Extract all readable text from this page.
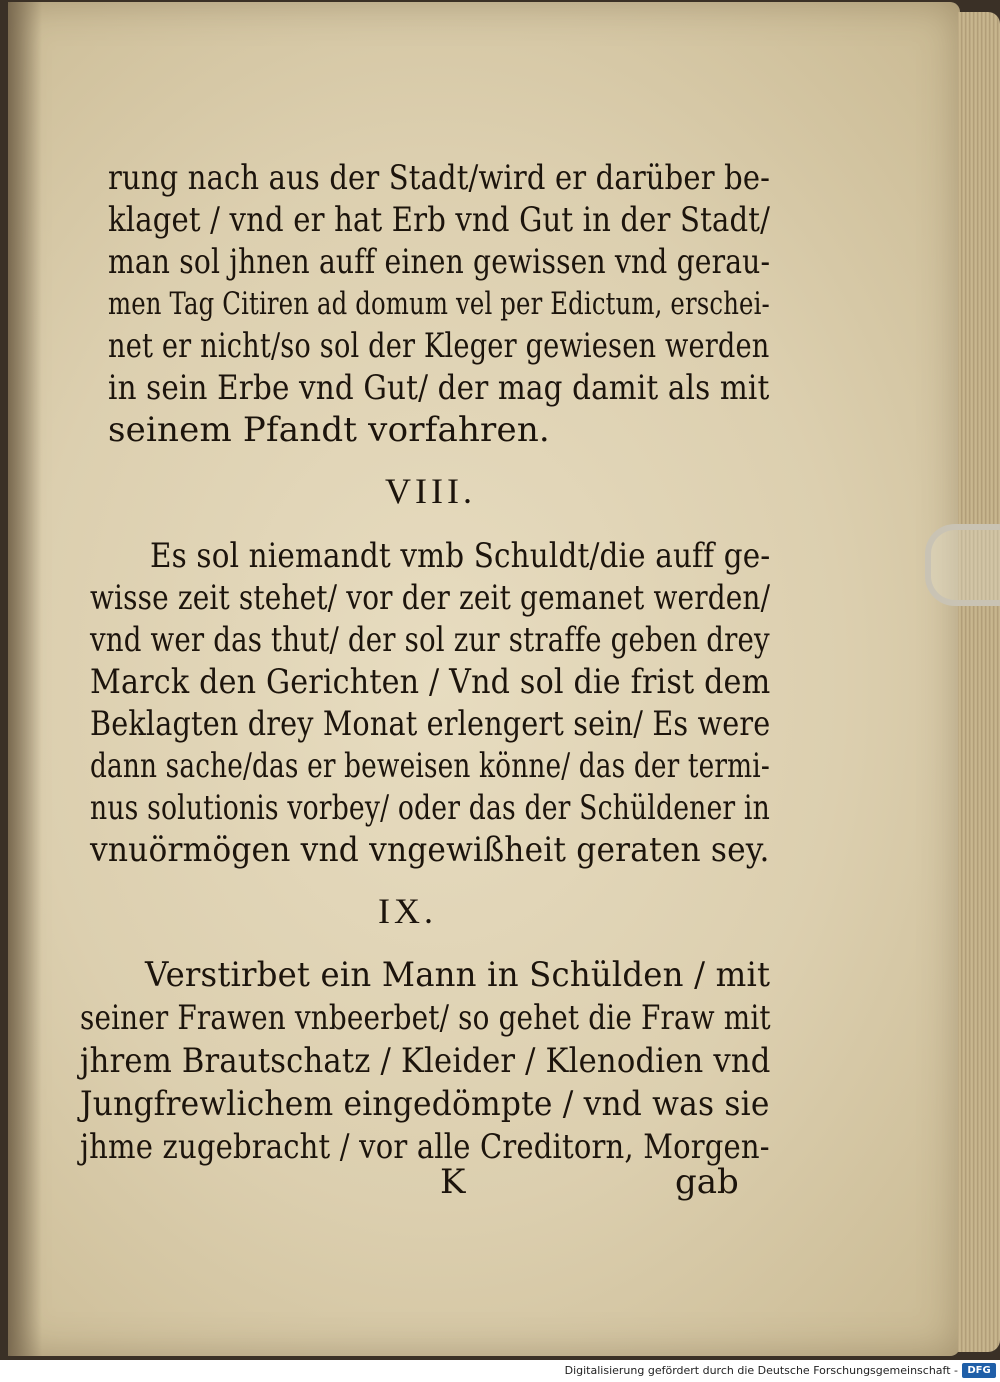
rung nach aus der Stadt/wird er darüber be-
klaget / vnd er hat Erb vnd Gut in der Stadt/
man sol jhnen auff einen gewissen vnd gerau-
men Tag Citiren ad domum vel per Edictum, erschei-
net er nicht/so sol der Kleger gewiesen werden
in sein Erbe vnd Gut/ der mag damit als mit
seinem Pfandt vorfahren.
VIII.
Es sol niemandt vmb Schuldt/die auff ge-
wisse zeit stehet/ vor der zeit gemanet werden/
vnd wer das thut/ der sol zur straffe geben drey
Marck den Gerichten / Vnd sol die frist dem
Beklagten drey Monat erlengert sein/ Es were
dann sache/das er beweisen könne/ das der termi-
nus solutionis vorbey/ oder das der Schüldener in
vnuörmögen vnd vngewißheit geraten sey.
IX.
Verstirbet ein Mann in Schülden / mit
seiner Frawen vnbeerbet/ so gehet die Fraw mit
jhrem Brautschatz / Kleider / Klenodien vnd
Jungfrewlichem eingedömpte / vnd was sie
jhme zugebracht / vor alle Creditorn, Morgen-
K	gab
Digitalisierung gefördert durch die Deutsche Forschungsgemeinschaft - DFG
